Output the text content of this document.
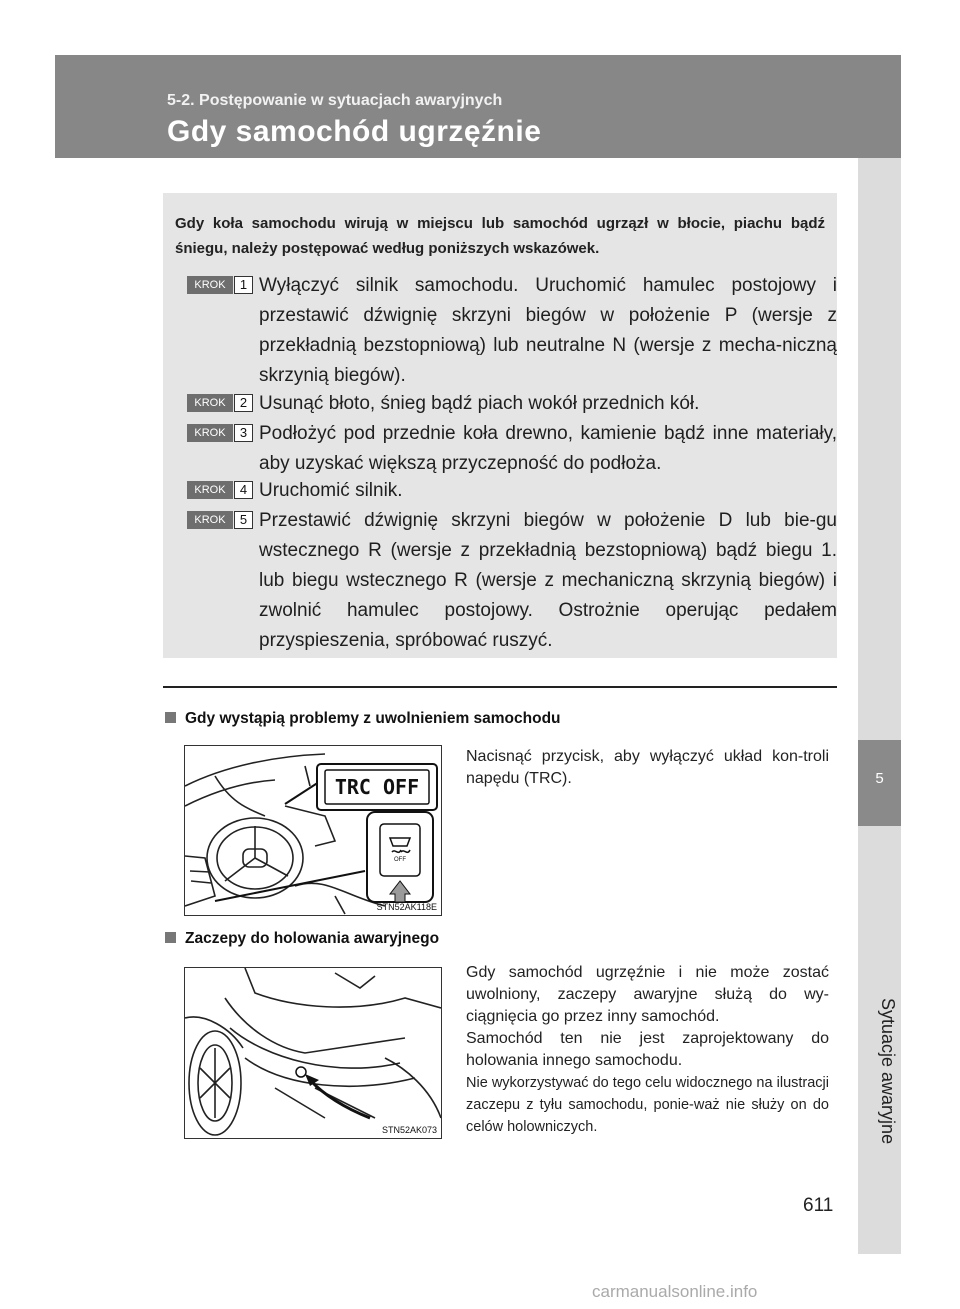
5-2. Postępowanie w sytuacjach awaryjnych
Gdy samochód ugrzęźnie
5
Sytuacje awaryjne
Gdy koła samochodu wirują w miejscu lub samochód ugrzązł w błocie, piachu bądź śniegu, należy postępować według poniższych wskazówek.
KROK	1 Wyłączyć silnik samochodu. Uruchomić hamulec postojowy i przestawić dźwignię skrzyni biegów w położenie P (wersje z przekładnią bezstopniową) lub neutralne N (wersje z mecha-niczną skrzynią biegów).
KROK	2 Usunąć błoto, śnieg bądź piach wokół przednich kół.
KROK	3 Podłożyć pod przednie koła drewno, kamienie bądź inne materiały, aby uzyskać większą przyczepność do podłoża.
KROK	4 Uruchomić silnik.
KROK	5 Przestawić dźwignię skrzyni biegów w położenie D lub bie-gu wstecznego R (wersje z przekładnią bezstopniową) bądź biegu 1. lub biegu wstecznego R (wersje z mechaniczną skrzynią biegów) i zwolnić hamulec postojowy. Ostrożnie operując pedałem przyspieszenia, spróbować ruszyć.
Gdy wystąpią problemy z uwolnieniem samochodu
TRC OFF
OFF
STN52AK118E
Nacisnąć przycisk, aby wyłączyć układ kon-troli napędu (TRC).
Zaczepy do holowania awaryjnego
STN52AK073
Gdy samochód ugrzęźnie i nie może zostać uwolniony, zaczepy awaryjne służą do wy-ciągnięcia go przez inny samochód.
Samochód ten nie jest zaprojektowany do holowania innego samochodu.
Nie wykorzystywać do tego celu widocznego na ilustracji zaczepu z tyłu samochodu, ponie-waż nie służy on do celów holowniczych.
611
carmanualsonline.info
